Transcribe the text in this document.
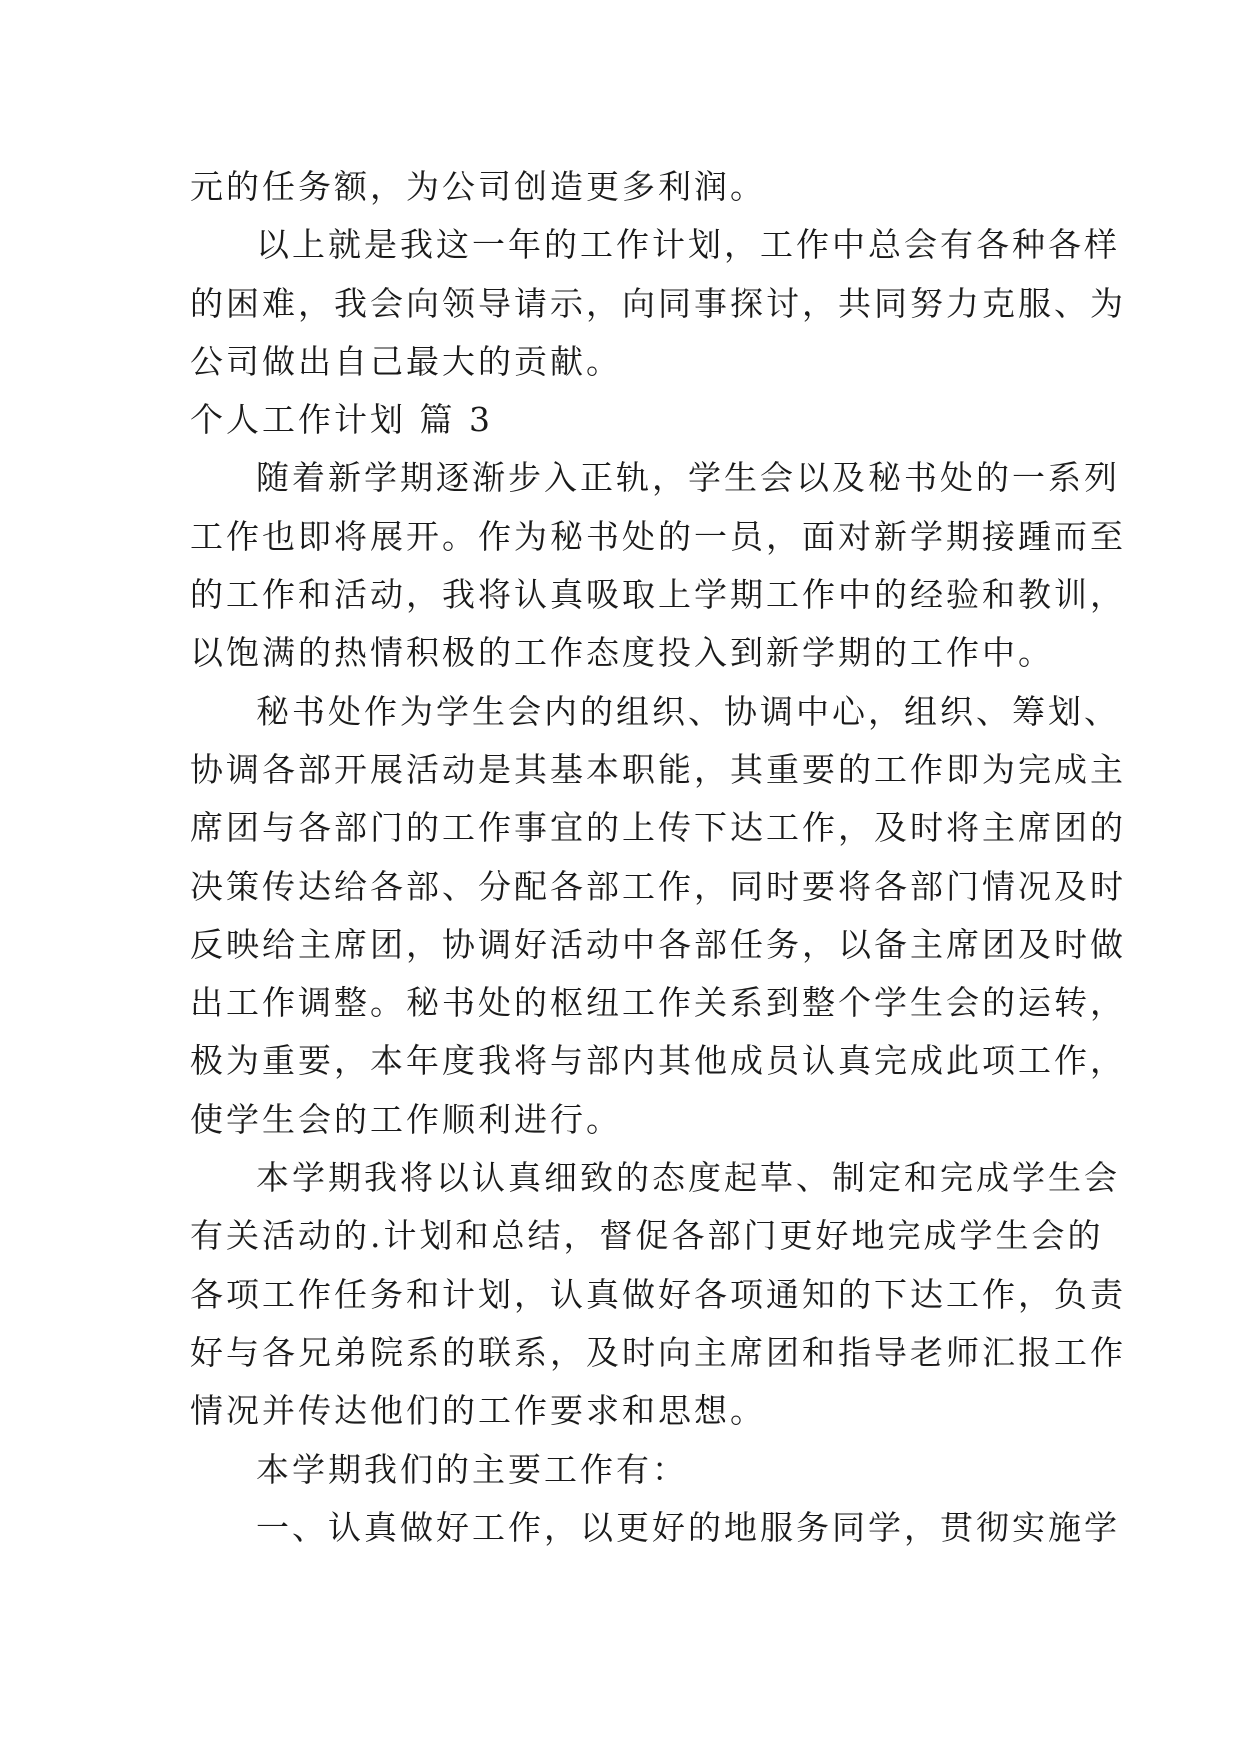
元的任务额，为公司创造更多利润。
以上就是我这一年的工作计划，工作中总会有各种各样
的困难，我会向领导请示，向同事探讨，共同努力克服、为
公司做出自己最大的贡献。
个人工作计划 篇 3
随着新学期逐渐步入正轨，学生会以及秘书处的一系列
工作也即将展开。作为秘书处的一员，面对新学期接踵而至
的工作和活动，我将认真吸取上学期工作中的经验和教训，
以饱满的热情积极的工作态度投入到新学期的工作中。
秘书处作为学生会内的组织、协调中心，组织、筹划、
协调各部开展活动是其基本职能，其重要的工作即为完成主
席团与各部门的工作事宜的上传下达工作，及时将主席团的
决策传达给各部、分配各部工作，同时要将各部门情况及时
反映给主席团，协调好活动中各部任务，以备主席团及时做
出工作调整。秘书处的枢纽工作关系到整个学生会的运转，
极为重要，本年度我将与部内其他成员认真完成此项工作，
使学生会的工作顺利进行。
本学期我将以认真细致的态度起草、制定和完成学生会
有关活动的.计划和总结，督促各部门更好地完成学生会的
各项工作任务和计划，认真做好各项通知的下达工作，负责
好与各兄弟院系的联系，及时向主席团和指导老师汇报工作
情况并传达他们的工作要求和思想。
本学期我们的主要工作有：
一、认真做好工作，以更好的地服务同学，贯彻实施学
